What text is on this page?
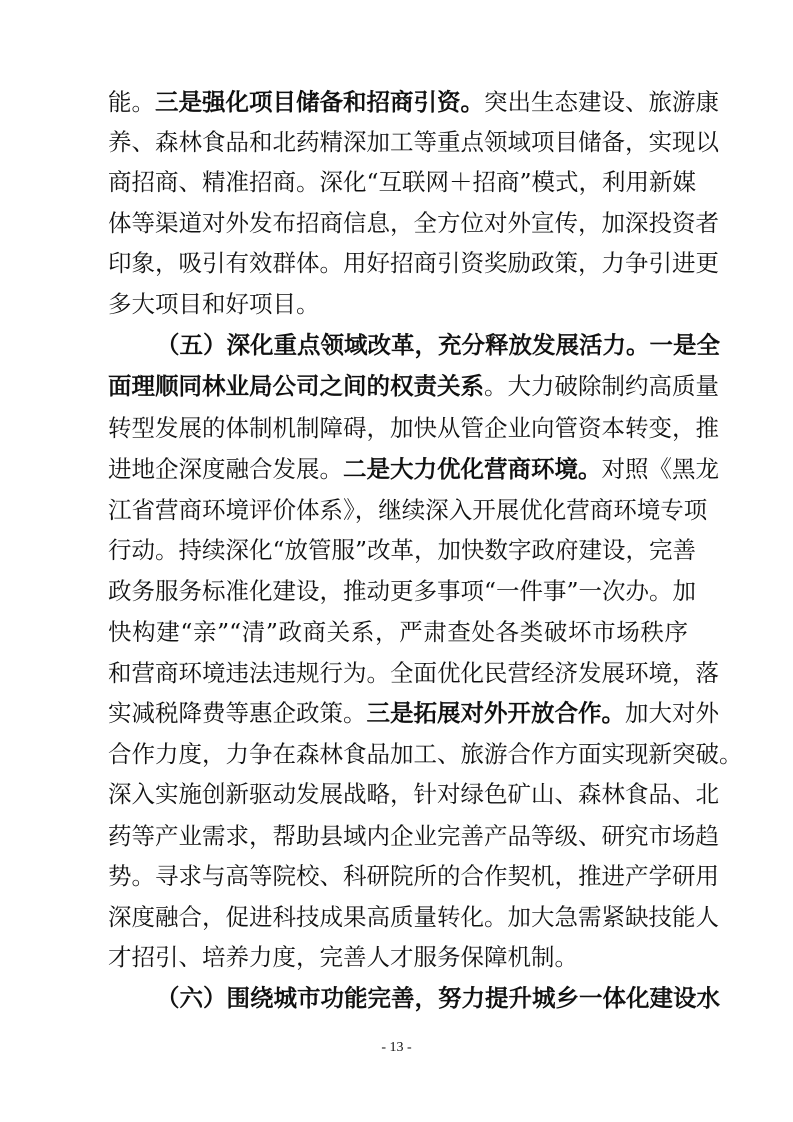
能。三是强化项目储备和招商引资。突出生态建设、旅游康
养、森林食品和北药精深加工等重点领域项目储备，实现以
商招商、精准招商。深化“互联网＋招商”模式，利用新媒
体等渠道对外发布招商信息，全方位对外宣传，加深投资者
印象，吸引有效群体。用好招商引资奖励政策，力争引进更
多大项目和好项目。
（五）深化重点领域改革，充分释放发展活力。一是全
面理顺同林业局公司之间的权责关系。大力破除制约高质量
转型发展的体制机制障碍，加快从管企业向管资本转变，推
进地企深度融合发展。二是大力优化营商环境。对照《黑龙
江省营商环境评价体系》，继续深入开展优化营商环境专项
行动。持续深化“放管服”改革，加快数字政府建设，完善
政务服务标准化建设，推动更多事项“一件事”一次办。加
快构建“亲”“清”政商关系，严肃查处各类破坏市场秩序
和营商环境违法违规行为。全面优化民营经济发展环境，落
实减税降费等惠企政策。三是拓展对外开放合作。加大对外
合作力度，力争在森林食品加工、旅游合作方面实现新突破。
深入实施创新驱动发展战略，针对绿色矿山、森林食品、北
药等产业需求，帮助县域内企业完善产品等级、研究市场趋
势。寻求与高等院校、科研院所的合作契机，推进产学研用
深度融合，促进科技成果高质量转化。加大急需紧缺技能人
才招引、培养力度，完善人才服务保障机制。
（六）围绕城市功能完善，努力提升城乡一体化建设水
- 13 -
